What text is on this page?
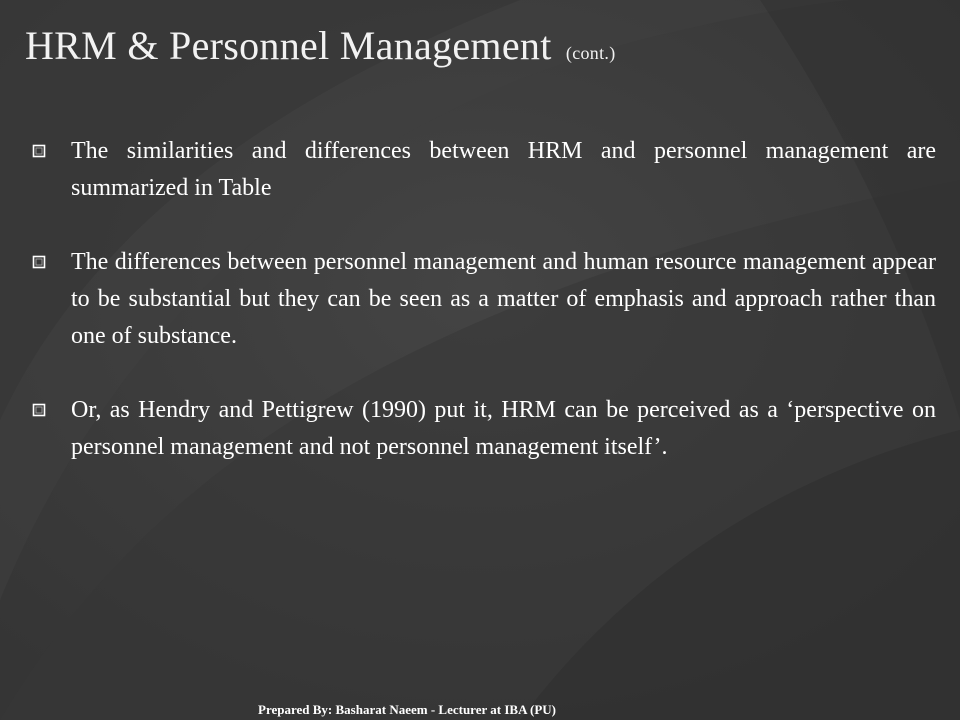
HRM & Personnel Management (cont.)
The similarities and differences between HRM and personnel management are summarized in Table
The differences between personnel management and human resource management appear to be substantial but they can be seen as a matter of emphasis and approach rather than one of substance.
Or, as Hendry and Pettigrew (1990) put it, HRM can be perceived as a ‘perspective on personnel management and not personnel management itself’.
Prepared By: Basharat Naeem - Lecturer at IBA (PU)
